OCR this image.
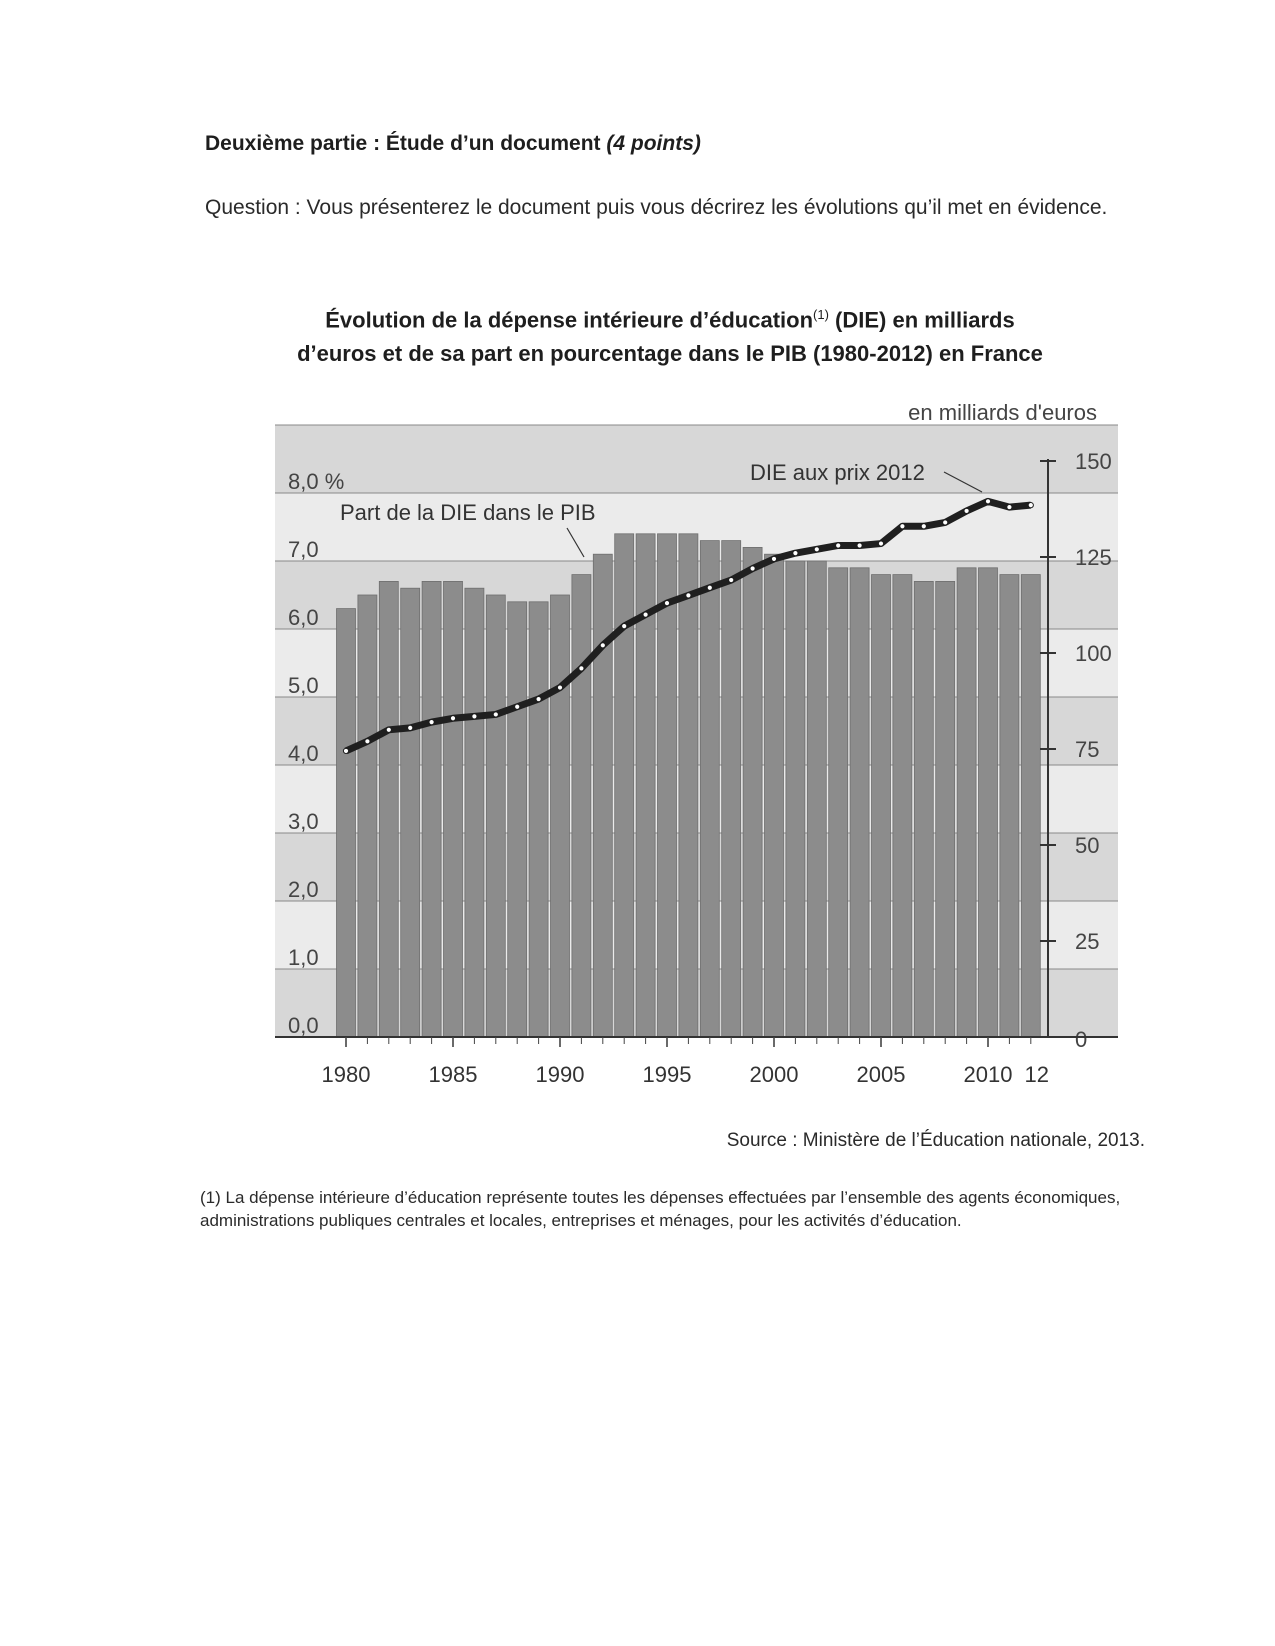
Deuxième partie : Étude d’un document (4 points)
Question : Vous présenterez le document puis vous décrirez les évolutions qu’il met en évidence.
Évolution de la dépense intérieure d’éducation$^{(1)}$ (DIE) en milliards
d’euros et de sa part en pourcentage dans le PIB (1980-2012) en France
8,0 %
7,0
6,0
5,0
4,0
3,0
2,0
1,0
0,0
150
125
100
75
50
25
0
en milliards d'euros
1980	1985	1990	1995	2000	2005	2010 12
Part de la DIE dans le PIB
DIE aux prix 2012
Source : Ministère de l’Éducation nationale, 2013.
(1) La dépense intérieure d’éducation représente toutes les dépenses effectuées par l’ensemble des agents économiques, administrations publiques centrales et locales, entreprises et ménages, pour les activités d’éducation.
